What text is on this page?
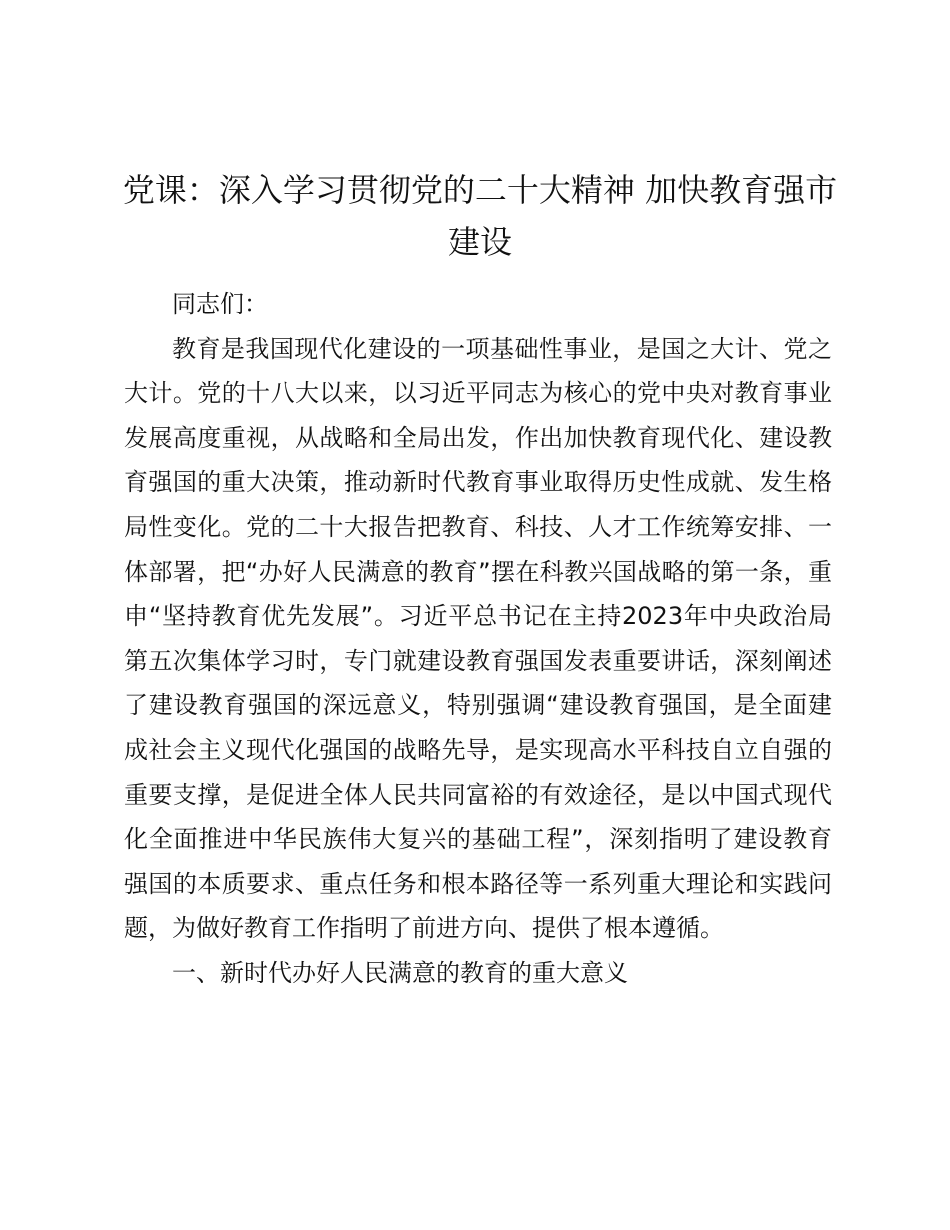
党课：深入学习贯彻党的二十大精神 加快教育强市建设

同志们：

教育是我国现代化建设的一项基础性事业，是国之大计、党之大计。党的十八大以来，以习近平同志为核心的党中央对教育事业发展高度重视，从战略和全局出发，作出加快教育现代化、建设教育强国的重大决策，推动新时代教育事业取得历史性成就、发生格局性变化。党的二十大报告把教育、科技、人才工作统筹安排、一体部署，把“办好人民满意的教育”摆在科教兴国战略的第一条，重申“坚持教育优先发展”。习近平总书记在主持2023年中央政治局第五次集体学习时，专门就建设教育强国发表重要讲话，深刻阐述了建设教育强国的深远意义，特别强调“建设教育强国，是全面建成社会主义现代化强国的战略先导，是实现高水平科技自立自强的重要支撑，是促进全体人民共同富裕的有效途径，是以中国式现代化全面推进中华民族伟大复兴的基础工程”，深刻指明了建设教育强国的本质要求、重点任务和根本路径等一系列重大理论和实践问题，为做好教育工作指明了前进方向、提供了根本遵循。

一、新时代办好人民满意的教育的重大意义
